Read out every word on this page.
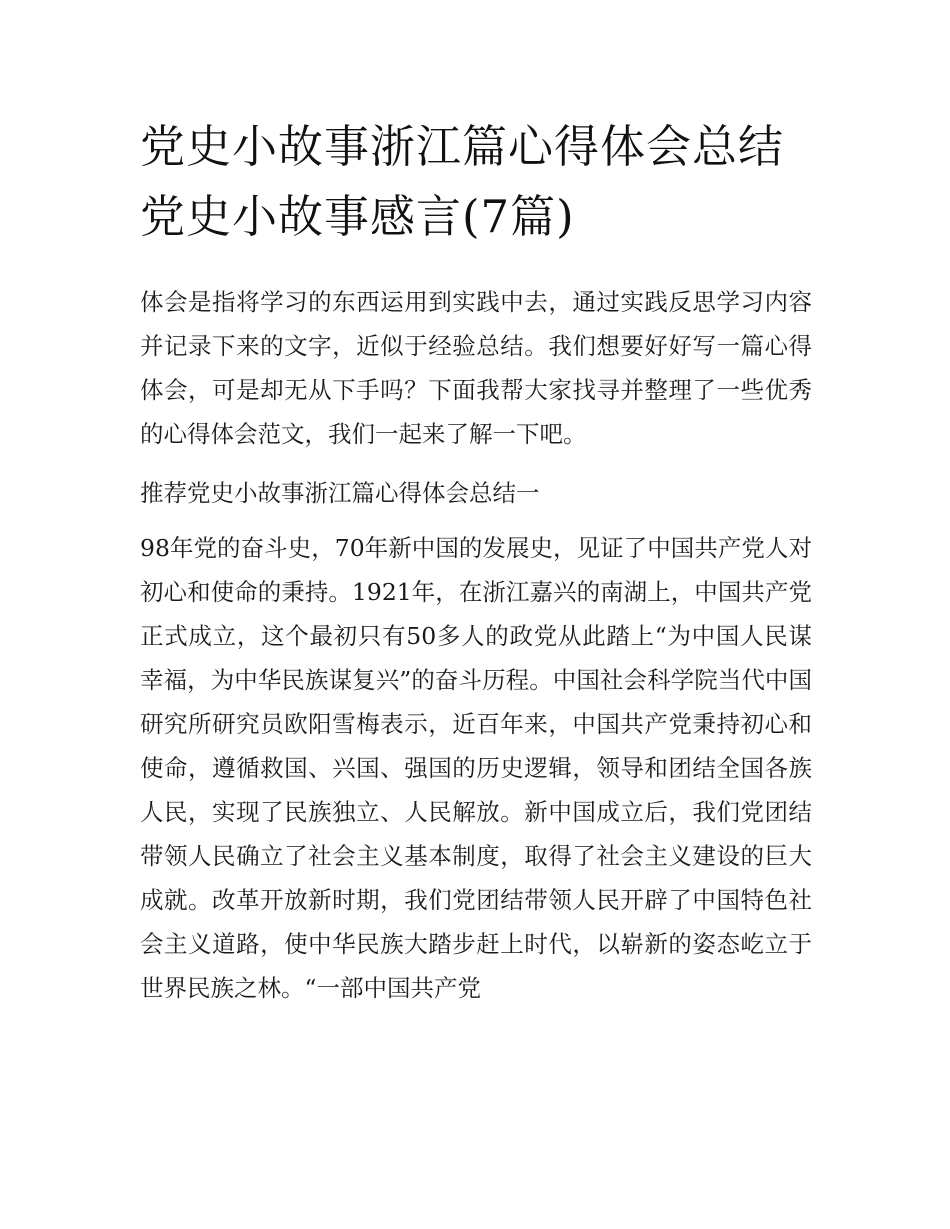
党史小故事浙江篇心得体会总结 党史小故事感言(7篇)

体会是指将学习的东西运用到实践中去，通过实践反思学习内容并记录下来的文字，近似于经验总结。我们想要好好写一篇心得体会，可是却无从下手吗？下面我帮大家找寻并整理了一些优秀的心得体会范文，我们一起来了解一下吧。

推荐党史小故事浙江篇心得体会总结一

98年党的奋斗史，70年新中国的发展史，见证了中国共产党人对初心和使命的秉持。1921年，在浙江嘉兴的南湖上，中国共产党正式成立，这个最初只有50多人的政党从此踏上“为中国人民谋幸福，为中华民族谋复兴”的奋斗历程。中国社会科学院当代中国研究所研究员欧阳雪梅表示，近百年来，中国共产党秉持初心和使命，遵循救国、兴国、强国的历史逻辑，领导和团结全国各族人民，实现了民族独立、人民解放。新中国成立后，我们党团结带领人民确立了社会主义基本制度，取得了社会主义建设的巨大成就。改革开放新时期，我们党团结带领人民开辟了中国特色社会主义道路，使中华民族大踏步赶上时代，以崭新的姿态屹立于世界民族之林。“一部中国共产党
